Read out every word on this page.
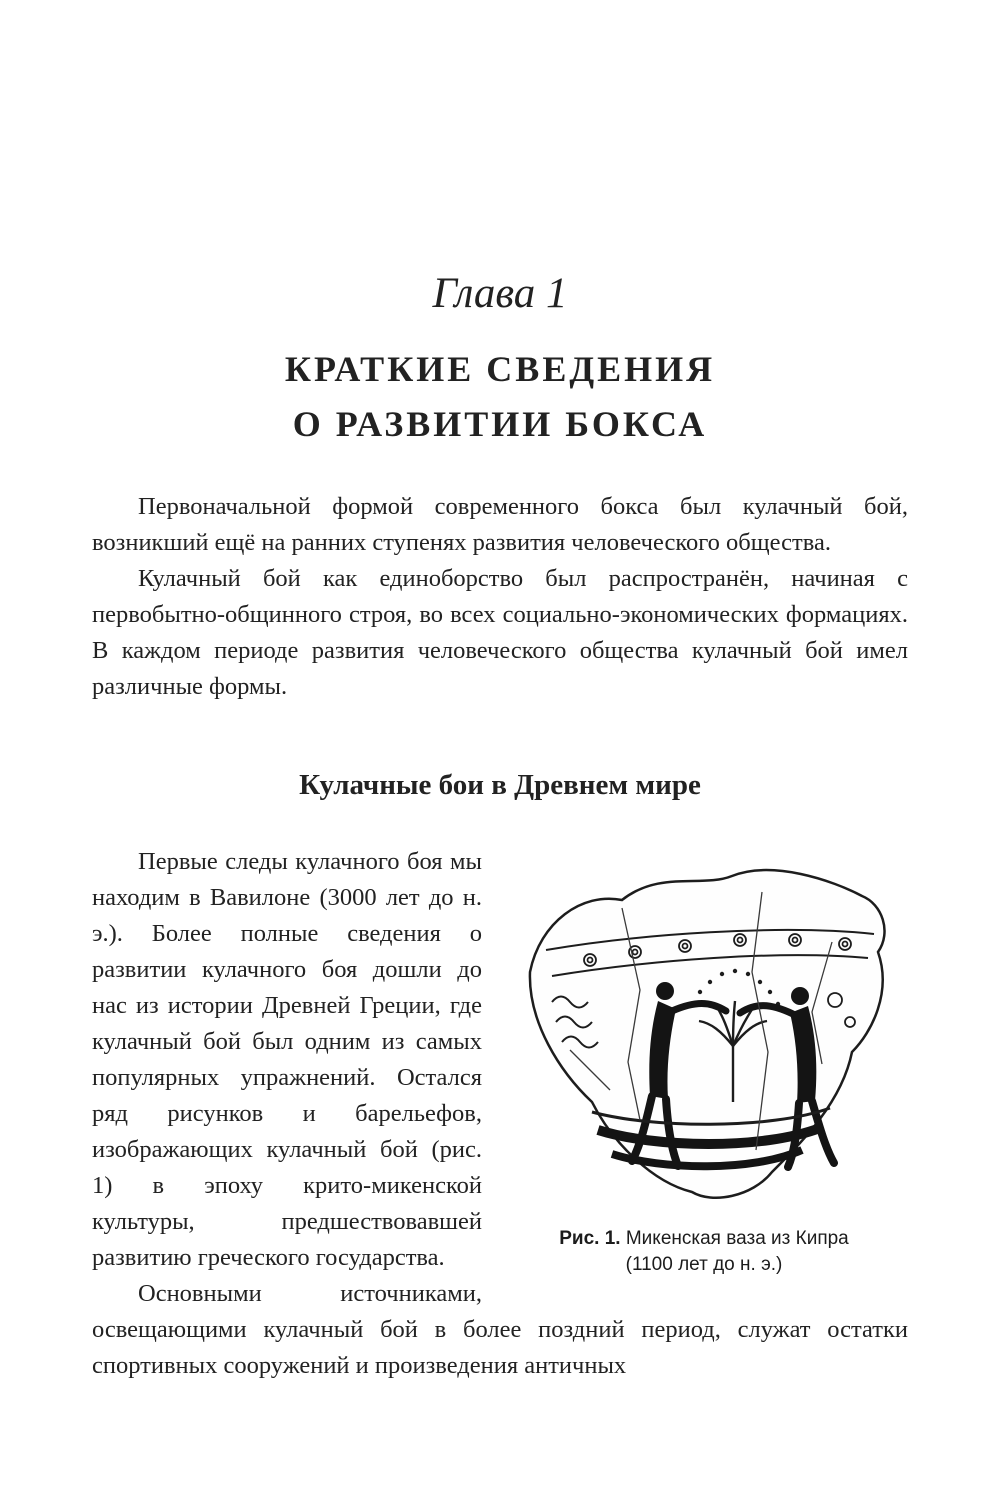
Глава 1
КРАТКИЕ СВЕДЕНИЯ
О РАЗВИТИИ БОКСА

Первоначальной формой современного бокса был кулачный бой, возникший ещё на ранних ступенях развития человеческого общества.

Кулачный бой как единоборство был распространён, начиная с первобытно-общинного строя, во всех социально-экономических формациях. В каждом периоде развития человеческого общества кулачный бой имел различные формы.

Кулачные бои в Древнем мире
Рис. 1. Микенская ваза из Кипра
(1100 лет до н. э.)

Первые следы кулачного боя мы находим в Вавилоне (3000 лет до н. э.). Более полные сведения о развитии кулачного боя дошли до нас из истории Древней Греции, где кулачный бой был одним из самых популярных упражнений. Остался ряд рисунков и барельефов, изображающих кулачный бой (рис. 1) в эпоху крито-микенской культуры, предшествовавшей развитию греческого государства.

Основными источниками, освещающими кулачный бой в более поздний период, служат остатки спортивных сооружений и произведения античных
